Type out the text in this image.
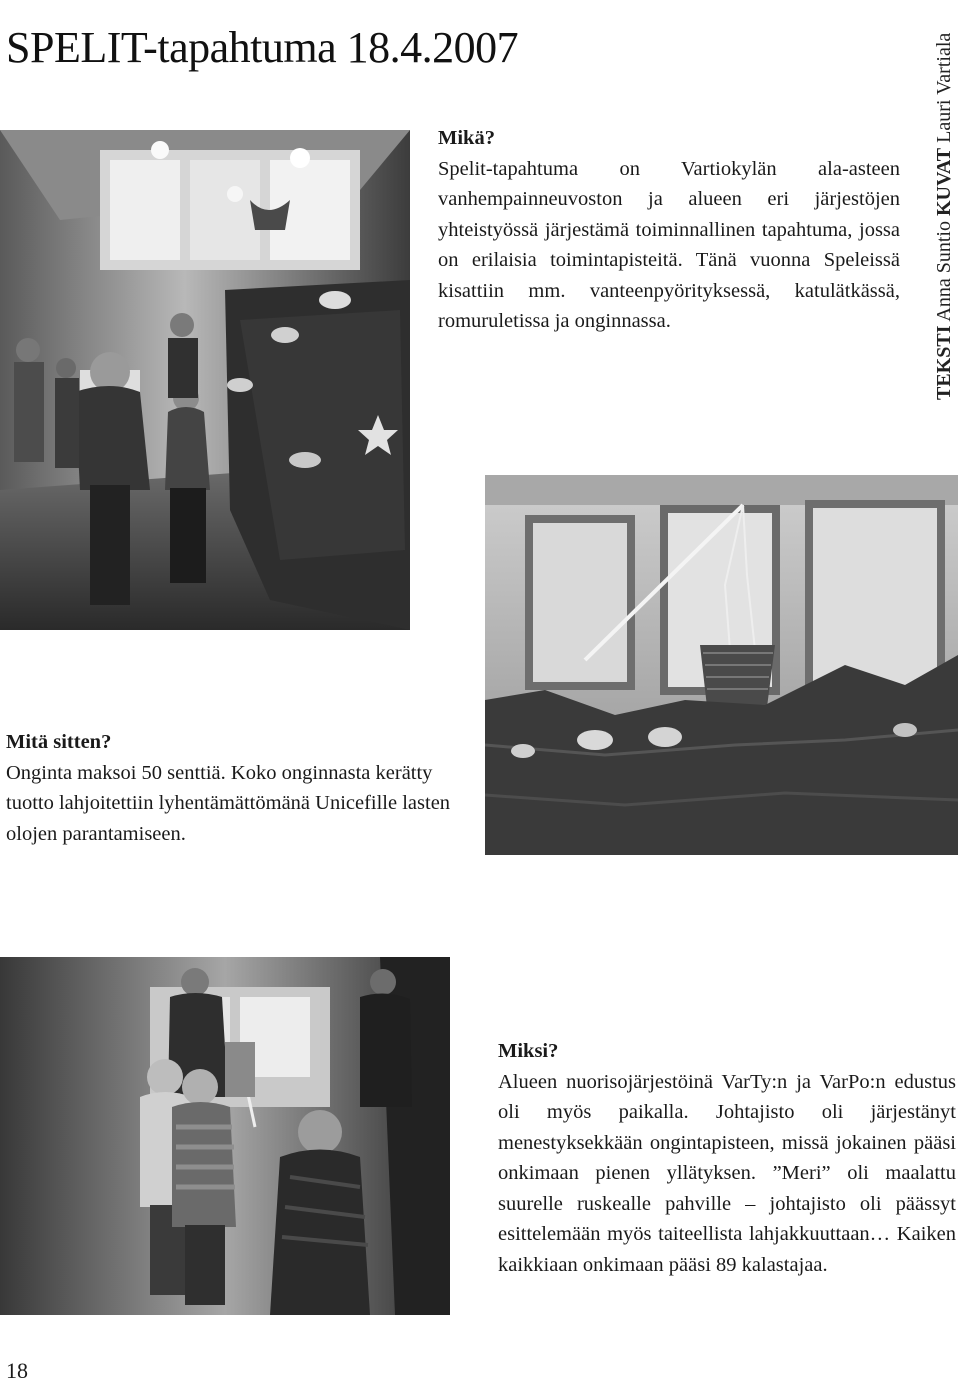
SPELIT-tapahtuma 18.4.2007
Mikä?

Spelit-tapahtuma on Vartiokylän ala-asteen vanhempainneuvoston ja alueen eri järjestöjen yhteistyössä järjestämä toiminnallinen tapahtuma, jossa on erilaisia toimintapisteitä. Tänä vuonna Speleissä kisattiin mm. vanteenpyörityksessä, katulätkässä, romuruletissa ja onginnassa.

TEKSTI Anna Suntio KUVAT Lauri Vartiala
Mitä sitten?

Onginta maksoi 50 senttiä. Koko onginnasta kerätty tuotto lahjoitettiin lyhentämättömänä Unicefille lasten olojen parantamiseen.

Miksi?

Alueen nuorisojärjestöinä VarTy:n ja VarPo:n edustus oli myös paikalla. Johtajisto oli järjestänyt menestyksekkään ongintapisteen, missä jokainen pääsi onkimaan pienen yllätyksen. ”Meri” oli maalattu suurelle ruskealle pahville – johtajisto oli päässyt esittelemään myös taiteellista lahjakkuuttaan… Kaiken kaikkiaan onkimaan pääsi 89 kalastajaa.

18
